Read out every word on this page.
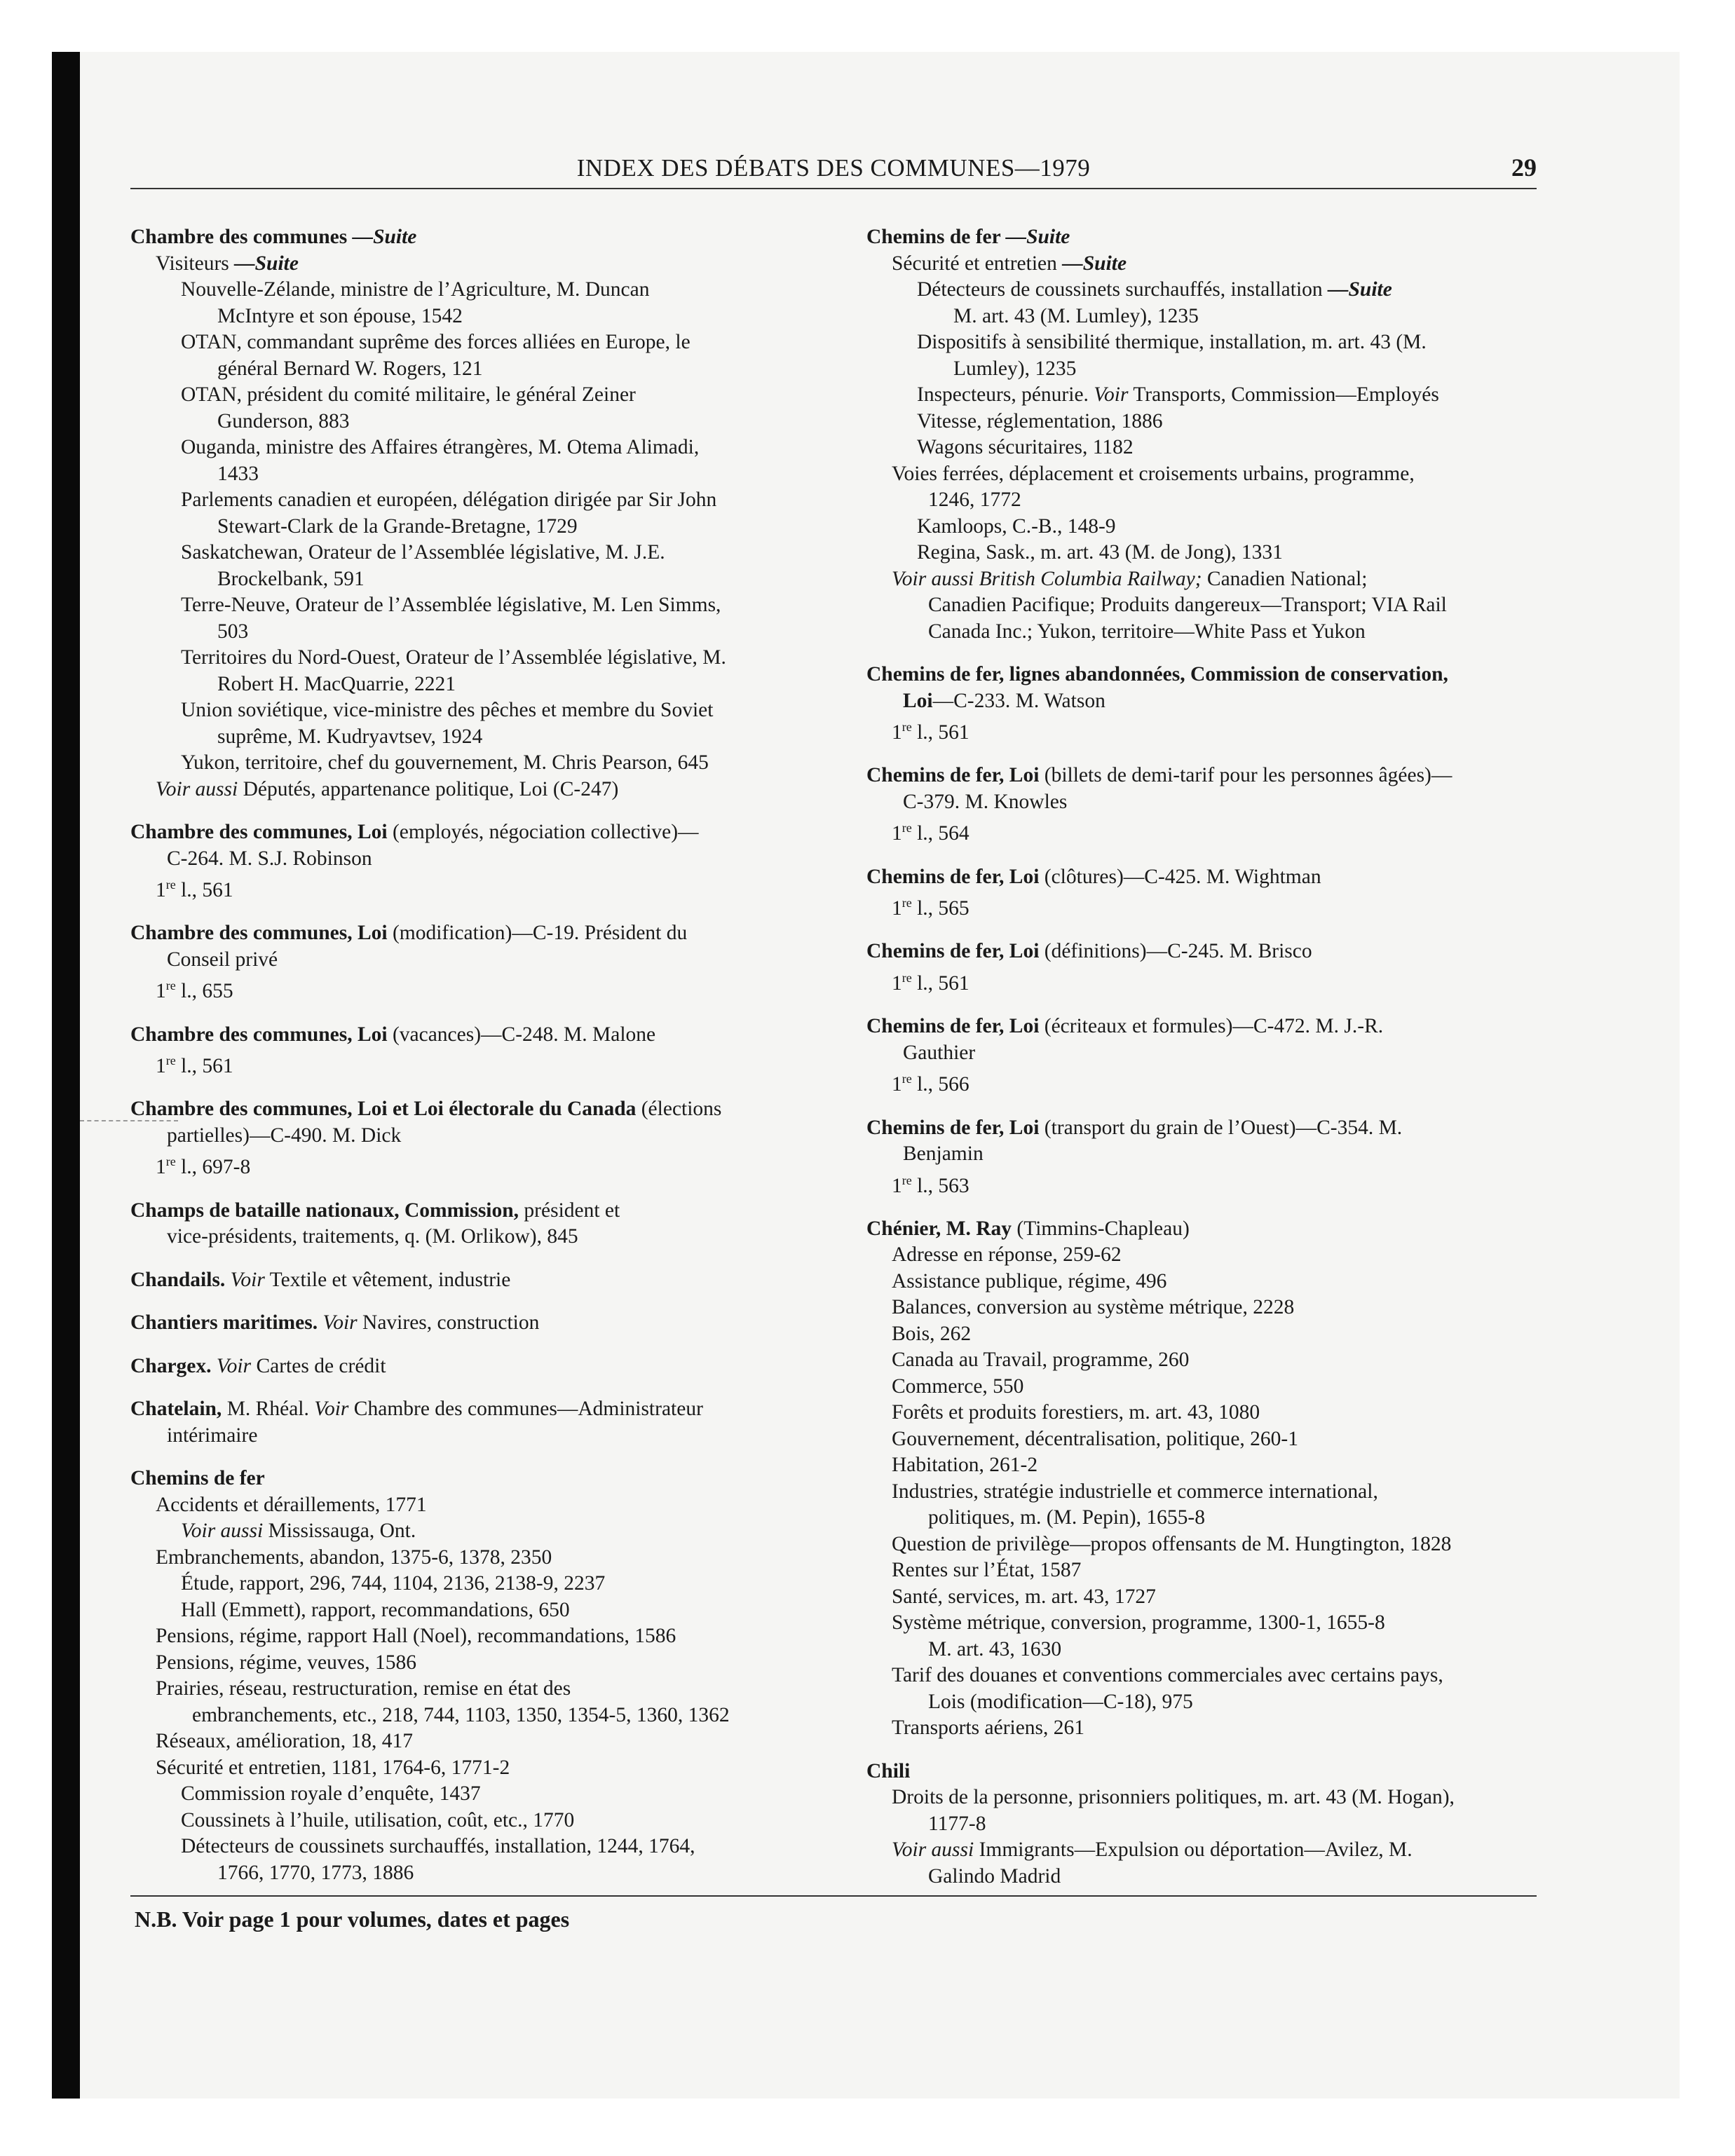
INDEX DES DÉBATS DES COMMUNES—1979	29
Chambre des communes —Suite
Visiteurs —Suite
Nouvelle-Zélande, ministre de l’Agriculture, M. Duncan
McIntyre et son épouse, 1542
OTAN, commandant suprême des forces alliées en Europe, le
général Bernard W. Rogers, 121
OTAN, président du comité militaire, le général Zeiner
Gunderson, 883
Ouganda, ministre des Affaires étrangères, M. Otema Alimadi,
1433
Parlements canadien et européen, délégation dirigée par Sir John
Stewart-Clark de la Grande-Bretagne, 1729
Saskatchewan, Orateur de l’Assemblée législative, M. J.E.
Brockelbank, 591
Terre-Neuve, Orateur de l’Assemblée législative, M. Len Simms,
503
Territoires du Nord-Ouest, Orateur de l’Assemblée législative, M.
Robert H. MacQuarrie, 2221
Union soviétique, vice-ministre des pêches et membre du Soviet
suprême, M. Kudryavtsev, 1924
Yukon, territoire, chef du gouvernement, M. Chris Pearson, 645
Voir aussi Députés, appartenance politique, Loi (C-247)
Chambre des communes, Loi (employés, négociation collective)—
C-264. M. S.J. Robinson
1re l., 561
Chambre des communes, Loi (modification)—C-19. Président du
Conseil privé
1re l., 655
Chambre des communes, Loi (vacances)—C-248. M. Malone
1re l., 561
Chambre des communes, Loi et Loi électorale du Canada (élections
partielles)—C-490. M. Dick
1re l., 697-8
Champs de bataille nationaux, Commission, président et
vice-présidents, traitements, q. (M. Orlikow), 845
Chandails. Voir Textile et vêtement, industrie
Chantiers maritimes. Voir Navires, construction
Chargex. Voir Cartes de crédit
Chatelain, M. Rhéal. Voir Chambre des communes—Administrateur
intérimaire
Chemins de fer
Accidents et déraillements, 1771
Voir aussi Mississauga, Ont.
Embranchements, abandon, 1375-6, 1378, 2350
Étude, rapport, 296, 744, 1104, 2136, 2138-9, 2237
Hall (Emmett), rapport, recommandations, 650
Pensions, régime, rapport Hall (Noel), recommandations, 1586
Pensions, régime, veuves, 1586
Prairies, réseau, restructuration, remise en état des
embranchements, etc., 218, 744, 1103, 1350, 1354-5, 1360, 1362
Réseaux, amélioration, 18, 417
Sécurité et entretien, 1181, 1764-6, 1771-2
Commission royale d’enquête, 1437
Coussinets à l’huile, utilisation, coût, etc., 1770
Détecteurs de coussinets surchauffés, installation, 1244, 1764,
1766, 1770, 1773, 1886
Chemins de fer —Suite
Sécurité et entretien —Suite
Détecteurs de coussinets surchauffés, installation —Suite
M. art. 43 (M. Lumley), 1235
Dispositifs à sensibilité thermique, installation, m. art. 43 (M.
Lumley), 1235
Inspecteurs, pénurie. Voir Transports, Commission—Employés
Vitesse, réglementation, 1886
Wagons sécuritaires, 1182
Voies ferrées, déplacement et croisements urbains, programme,
1246, 1772
Kamloops, C.-B., 148-9
Regina, Sask., m. art. 43 (M. de Jong), 1331
Voir aussi British Columbia Railway; Canadien National;
Canadien Pacifique; Produits dangereux—Transport; VIA Rail
Canada Inc.; Yukon, territoire—White Pass et Yukon
Chemins de fer, lignes abandonnées, Commission de conservation,
Loi—C-233. M. Watson
1re l., 561
Chemins de fer, Loi (billets de demi-tarif pour les personnes âgées)—
C-379. M. Knowles
1re l., 564
Chemins de fer, Loi (clôtures)—C-425. M. Wightman
1re l., 565
Chemins de fer, Loi (définitions)—C-245. M. Brisco
1re l., 561
Chemins de fer, Loi (écriteaux et formules)—C-472. M. J.-R.
Gauthier
1re l., 566
Chemins de fer, Loi (transport du grain de l’Ouest)—C-354. M.
Benjamin
1re l., 563
Chénier, M. Ray (Timmins-Chapleau)
Adresse en réponse, 259-62
Assistance publique, régime, 496
Balances, conversion au système métrique, 2228
Bois, 262
Canada au Travail, programme, 260
Commerce, 550
Forêts et produits forestiers, m. art. 43, 1080
Gouvernement, décentralisation, politique, 260-1
Habitation, 261-2
Industries, stratégie industrielle et commerce international,
politiques, m. (M. Pepin), 1655-8
Question de privilège—propos offensants de M. Hungtington, 1828
Rentes sur l’État, 1587
Santé, services, m. art. 43, 1727
Système métrique, conversion, programme, 1300-1, 1655-8
M. art. 43, 1630
Tarif des douanes et conventions commerciales avec certains pays,
Lois (modification—C-18), 975
Transports aériens, 261
Chili
Droits de la personne, prisonniers politiques, m. art. 43 (M. Hogan),
1177-8
Voir aussi Immigrants—Expulsion ou déportation—Avilez, M.
Galindo Madrid
N.B. Voir page 1 pour volumes, dates et pages
